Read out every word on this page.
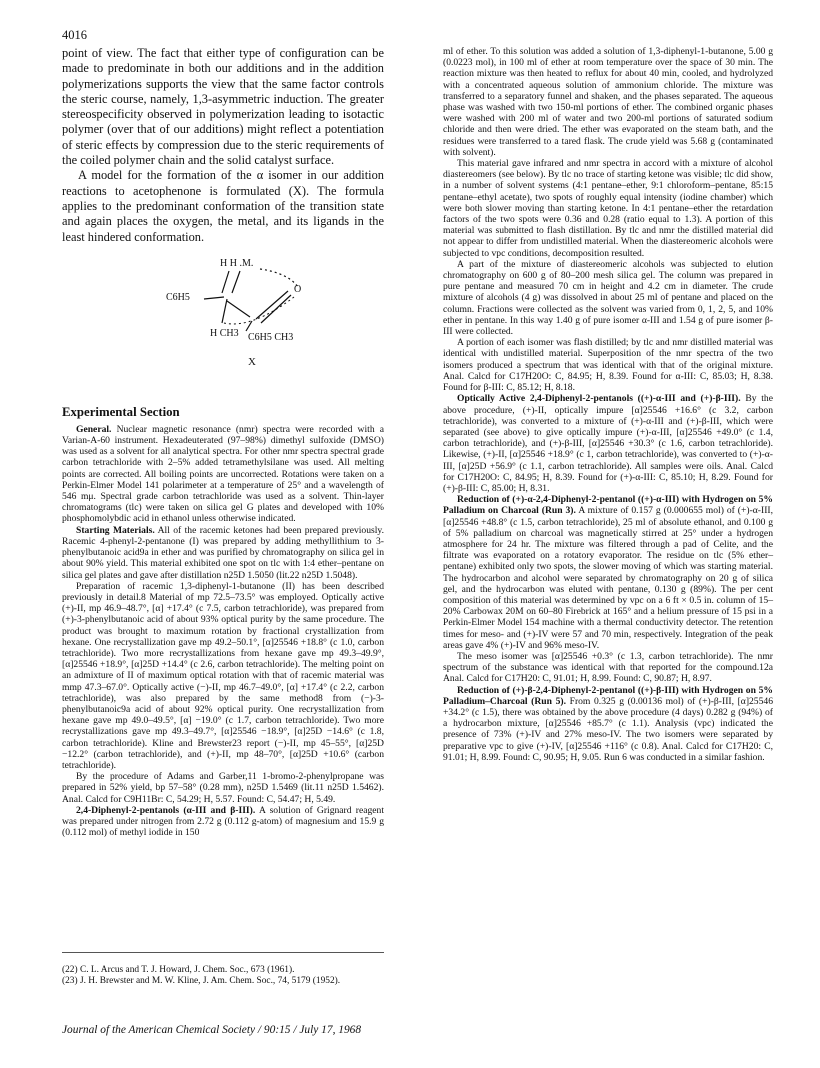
4016

point of view. The fact that either type of configuration can be made to predominate in both our additions and in the addition polymerizations supports the view that the same factor controls the steric course, namely, 1,3-asymmetric induction. The greater stereospecificity observed in polymerization leading to isotactic polymer (over that of our additions) might reflect a potentiation of steric effects by compression due to the steric requirements of the coiled polymer chain and the solid catalyst surface.

A model for the formation of the α isomer in our addition reactions to acetophenone is formulated (X). The formula applies to the predominant conformation of the transition state and again places the oxygen, the metal, and its ligands in the least hindered conformation.

H H .M.
C6H5
O
H CH3 C6H5 CH3
X
Experimental Section

General. Nuclear magnetic resonance (nmr) spectra were recorded with a Varian-A-60 instrument. Hexadeuterated (97–98%) dimethyl sulfoxide (DMSO) was used as a solvent for all analytical spectra. For other nmr spectra spectral grade carbon tetrachloride with 2–5% added tetramethylsilane was used. All melting points are corrected. All boiling points are uncorrected. Rotations were taken on a Perkin-Elmer Model 141 polarimeter at a temperature of 25° and a wavelength of 546 mμ. Spectral grade carbon tetrachloride was used as a solvent. Thin-layer chromatograms (tlc) were taken on silica gel G plates and developed with 10% phosphomolybdic acid in ethanol unless otherwise indicated.

Starting Materials. All of the racemic ketones had been prepared previously. Racemic 4-phenyl-2-pentanone (I) was prepared by adding methyllithium to 3-phenylbutanoic acid9a in ether and was purified by chromatography on silica gel in about 90% yield. This material exhibited one spot on tlc with 1:4 ether–pentane on silica gel plates and gave after distillation n25D 1.5050 (lit.22 n25D 1.5048).

Preparation of racemic 1,3-diphenyl-1-butanone (II) has been described previously in detail.8 Material of mp 72.5–73.5° was employed. Optically active (+)-II, mp 46.9–48.7°, [α] +17.4° (c 7.5, carbon tetrachloride), was prepared from (+)-3-phenylbutanoic acid of about 93% optical purity by the same procedure. The product was brought to maximum rotation by fractional crystallization from hexane. One recrystallization gave mp 49.2–50.1°, [α]25546 +18.8° (c 1.0, carbon tetrachloride). Two more recrystallizations from hexane gave mp 49.3–49.9°, [α]25546 +18.9°, [α]25D +14.4° (c 2.6, carbon tetrachloride). The melting point on an admixture of II of maximum optical rotation with that of racemic material was mmp 47.3–67.0°. Optically active (−)-II, mp 46.7–49.0°, [α] +17.4° (c 2.2, carbon tetrachloride), was also prepared by the same method8 from (−)-3-phenylbutanoic9a acid of about 92% optical purity. One recrystallization from hexane gave mp 49.0–49.5°, [α] −19.0° (c 1.7, carbon tetrachloride). Two more recrystallizations gave mp 49.3–49.7°, [α]25546 −18.9°, [α]25D −14.6° (c 1.8, carbon tetrachloride). Kline and Brewster23 report (−)-II, mp 45–55°, [α]25D −12.2° (carbon tetrachloride), and (+)-II, mp 48–70°, [α]25D +10.6° (carbon tetrachloride).

By the procedure of Adams and Garber,11 1-bromo-2-phenylpropane was prepared in 52% yield, bp 57–58° (0.28 mm), n25D 1.5469 (lit.11 n25D 1.5462). Anal. Calcd for C9H11Br: C, 54.29; H, 5.57. Found: C, 54.47; H, 5.49.

2,4-Diphenyl-2-pentanols (α-III and β-III). A solution of Grignard reagent was prepared under nitrogen from 2.72 g (0.112 g-atom) of magnesium and 15.9 g (0.112 mol) of methyl iodide in 150

(22) C. L. Arcus and T. J. Howard, J. Chem. Soc., 673 (1961).

(23) J. H. Brewster and M. W. Kline, J. Am. Chem. Soc., 74, 5179 (1952).

ml of ether. To this solution was added a solution of 1,3-diphenyl-1-butanone, 5.00 g (0.0223 mol), in 100 ml of ether at room temperature over the space of 30 min. The reaction mixture was then heated to reflux for about 40 min, cooled, and hydrolyzed with a concentrated aqueous solution of ammonium chloride. The mixture was transferred to a separatory funnel and shaken, and the phases separated. The aqueous phase was washed with two 150-ml portions of ether. The combined organic phases were washed with 200 ml of water and two 200-ml portions of saturated sodium chloride and then were dried. The ether was evaporated on the steam bath, and the residues were transferred to a tared flask. The crude yield was 5.68 g (contaminated with solvent).

This material gave infrared and nmr spectra in accord with a mixture of alcohol diastereomers (see below). By tlc no trace of starting ketone was visible; tlc did show, in a number of solvent systems (4:1 pentane–ether, 9:1 chloroform–pentane, 85:15 pentane–ethyl acetate), two spots of roughly equal intensity (iodine chamber) which were both slower moving than starting ketone. In 4:1 pentane–ether the retardation factors of the two spots were 0.36 and 0.28 (ratio equal to 1.3). A portion of this material was submitted to flash distillation. By tlc and nmr the distilled material did not appear to differ from undistilled material. When the diastereomeric alcohols were subjected to vpc conditions, decomposition resulted.

A part of the mixture of diastereomeric alcohols was subjected to elution chromatography on 600 g of 80–200 mesh silica gel. The column was prepared in pure pentane and measured 70 cm in height and 4.2 cm in diameter. The crude mixture of alcohols (4 g) was dissolved in about 25 ml of pentane and placed on the column. Fractions were collected as the solvent was varied from 0, 1, 2, 5, and 10% ether in pentane. In this way 1.40 g of pure isomer α-III and 1.54 g of pure isomer β-III were collected.

A portion of each isomer was flash distilled; by tlc and nmr distilled material was identical with undistilled material. Superposition of the nmr spectra of the two isomers produced a spectrum that was identical with that of the original mixture. Anal. Calcd for C17H20O: C, 84.95; H, 8.39. Found for α-III: C, 85.03; H, 8.38. Found for β-III: C, 85.12; H, 8.18.

Optically Active 2,4-Diphenyl-2-pentanols ((+)-α-III and (+)-β-III). By the above procedure, (+)-II, optically impure [α]25546 +16.6° (c 3.2, carbon tetrachloride), was converted to a mixture of (+)-α-III and (+)-β-III, which were separated (see above) to give optically impure (+)-α-III, [α]25546 +49.0° (c 1.4, carbon tetrachloride), and (+)-β-III, [α]25546 +30.3° (c 1.6, carbon tetrachloride). Likewise, (+)-II, [α]25546 +18.9° (c 1, carbon tetrachloride), was converted to (+)-α-III, [α]25D +56.9° (c 1.1, carbon tetrachloride). All samples were oils. Anal. Calcd for C17H20O: C, 84.95; H, 8.39. Found for (+)-α-III: C, 85.10; H, 8.29. Found for (+)-β-III: C, 85.00; H, 8.31.

Reduction of (+)-α-2,4-Diphenyl-2-pentanol ((+)-α-III) with Hydrogen on 5% Palladium on Charcoal (Run 3). A mixture of 0.157 g (0.000655 mol) of (+)-α-III, [α]25546 +48.8° (c 1.5, carbon tetrachloride), 25 ml of absolute ethanol, and 0.100 g of 5% palladium on charcoal was magnetically stirred at 25° under a hydrogen atmosphere for 24 hr. The mixture was filtered through a pad of Celite, and the filtrate was evaporated on a rotatory evaporator. The residue on tlc (5% ether–pentane) exhibited only two spots, the slower moving of which was starting material. The hydrocarbon and alcohol were separated by chromatography on 20 g of silica gel, and the hydrocarbon was eluted with pentane, 0.130 g (89%). The per cent composition of this material was determined by vpc on a 6 ft × 0.5 in. column of 15–20% Carbowax 20M on 60–80 Firebrick at 165° and a helium pressure of 15 psi in a Perkin-Elmer Model 154 machine with a thermal conductivity detector. The retention times for meso- and (+)-IV were 57 and 70 min, respectively. Integration of the peak areas gave 4% (+)-IV and 96% meso-IV.

The meso isomer was [α]25546 +0.3° (c 1.3, carbon tetrachloride). The nmr spectrum of the substance was identical with that reported for the compound.12a Anal. Calcd for C17H20: C, 91.01; H, 8.99. Found: C, 90.87; H, 8.97.

Reduction of (+)-β-2,4-Diphenyl-2-pentanol ((+)-β-III) with Hydrogen on 5% Palladium–Charcoal (Run 5). From 0.325 g (0.00136 mol) of (+)-β-III, [α]25546 +34.2° (c 1.5), there was obtained by the above procedure (4 days) 0.282 g (94%) of a hydrocarbon mixture, [α]25546 +85.7° (c 1.1). Analysis (vpc) indicated the presence of 73% (+)-IV and 27% meso-IV. The two isomers were separated by preparative vpc to give (+)-IV, [α]25546 +116° (c 0.8). Anal. Calcd for C17H20: C, 91.01; H, 8.99. Found: C, 90.95; H, 9.05. Run 6 was conducted in a similar fashion.

Journal of the American Chemical Society / 90:15 / July 17, 1968
